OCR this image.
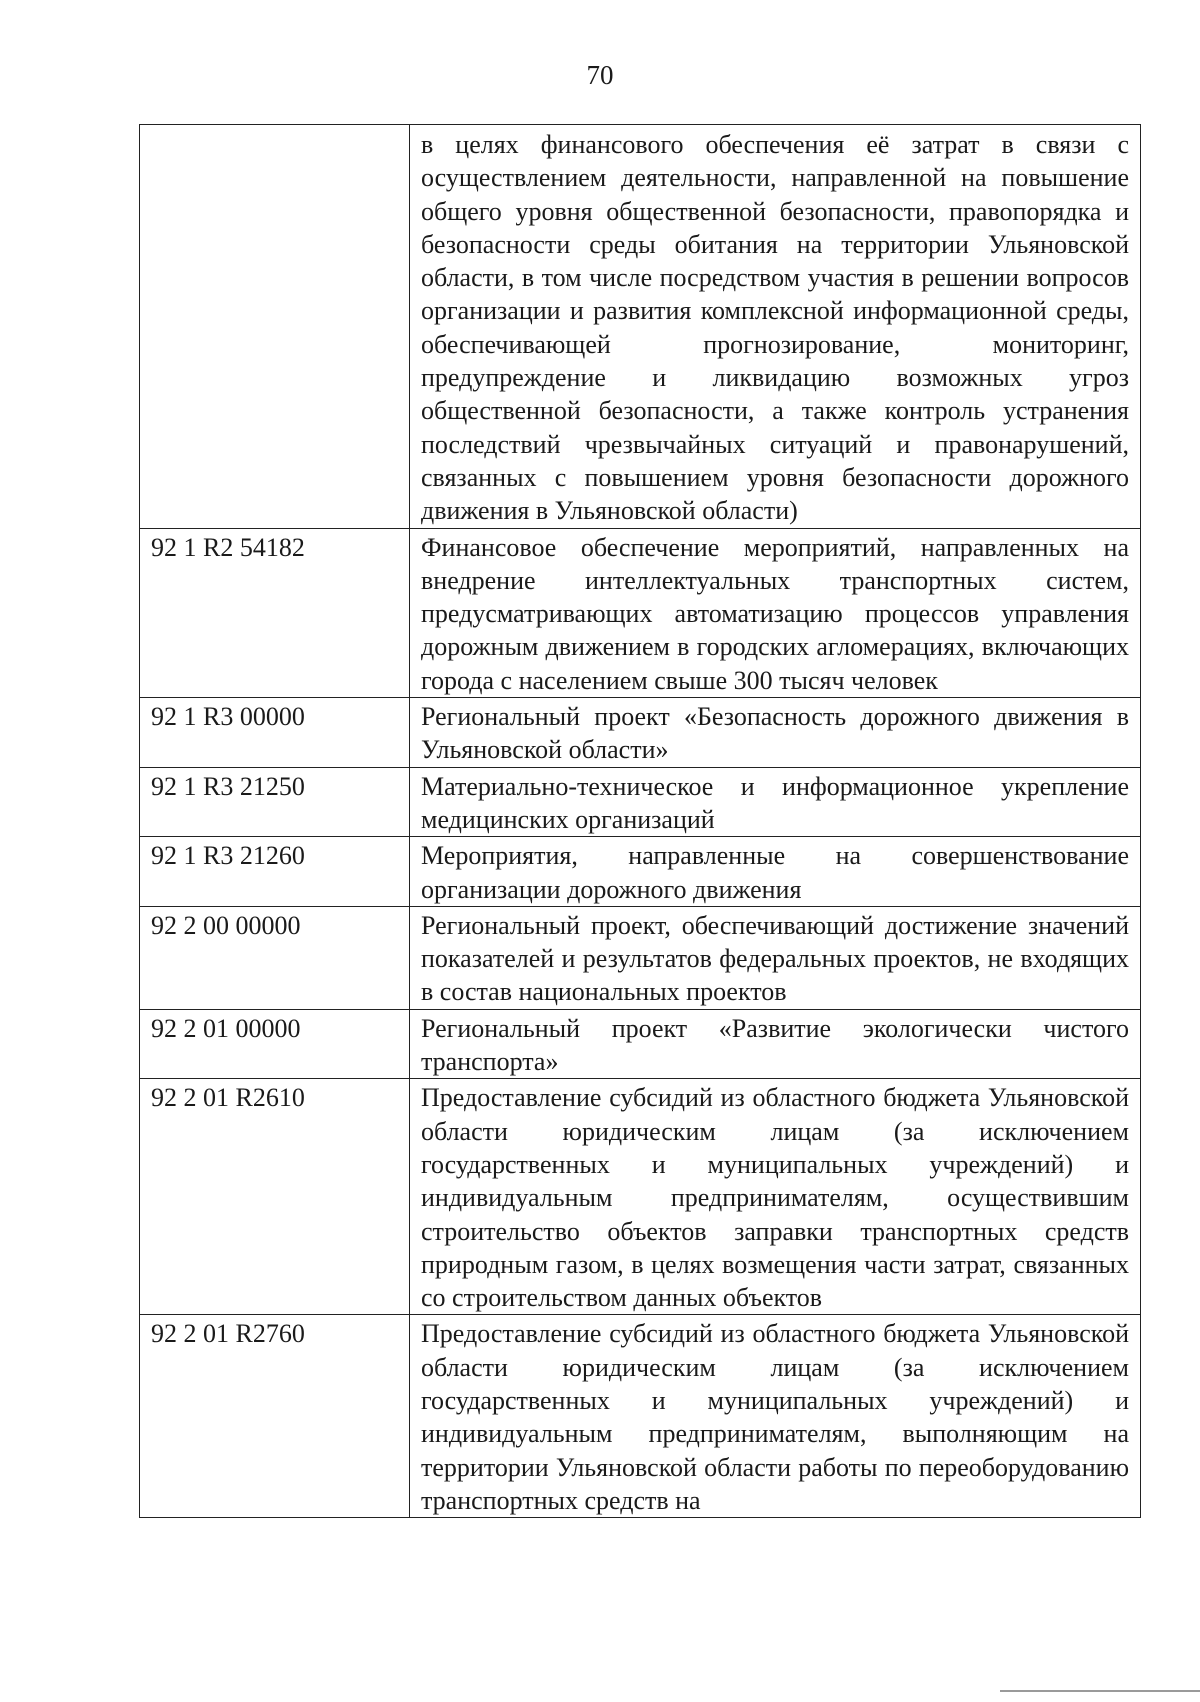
70
	в целях финансового обеспечения её затрат в связи с осуществлением деятельности, направленной на повышение общего уровня общественной безопасности, правопорядка и безопасности среды обитания на территории Ульяновской области, в том числе посредством участия в решении вопросов организации и развития комплексной информационной среды, обеспечивающей прогнозирование, мониторинг, предупреждение и ликвидацию возможных угроз общественной безопасности, а также контроль устранения последствий чрезвычайных ситуаций и правонарушений, связанных с повышением уровня безопасности дорожного движения в Ульяновской области)
92 1 R2 54182	Финансовое обеспечение мероприятий, направленных на внедрение интеллектуальных транспортных систем, предусматривающих автоматизацию процессов управления дорожным движением в городских агломерациях, включающих города с населением свыше 300 тысяч человек
92 1 R3 00000	Региональный проект «Безопасность дорожного движения в Ульяновской области»
92 1 R3 21250	Материально-техническое и информационное укрепление медицинских организаций
92 1 R3 21260	Мероприятия, направленные на совершенствование организации дорожного движения
92 2 00 00000	Региональный проект, обеспечивающий достижение значений показателей и результатов федеральных проектов, не входящих в состав национальных проектов
92 2 01 00000	Региональный проект «Развитие экологически чистого транспорта»
92 2 01 R2610	Предоставление субсидий из областного бюджета Ульяновской области юридическим лицам (за исключением государственных и муниципальных учреждений) и индивидуальным предпринимателям, осуществившим строительство объектов заправки транспортных средств природным газом, в целях возмещения части затрат, связанных со строительством данных объектов
92 2 01 R2760	Предоставление субсидий из областного бюджета Ульяновской области юридическим лицам (за исключением государственных и муниципальных учреждений) и индивидуальным предпринимателям, выполняющим на территории Ульяновской области работы по переоборудованию транспортных средств на
